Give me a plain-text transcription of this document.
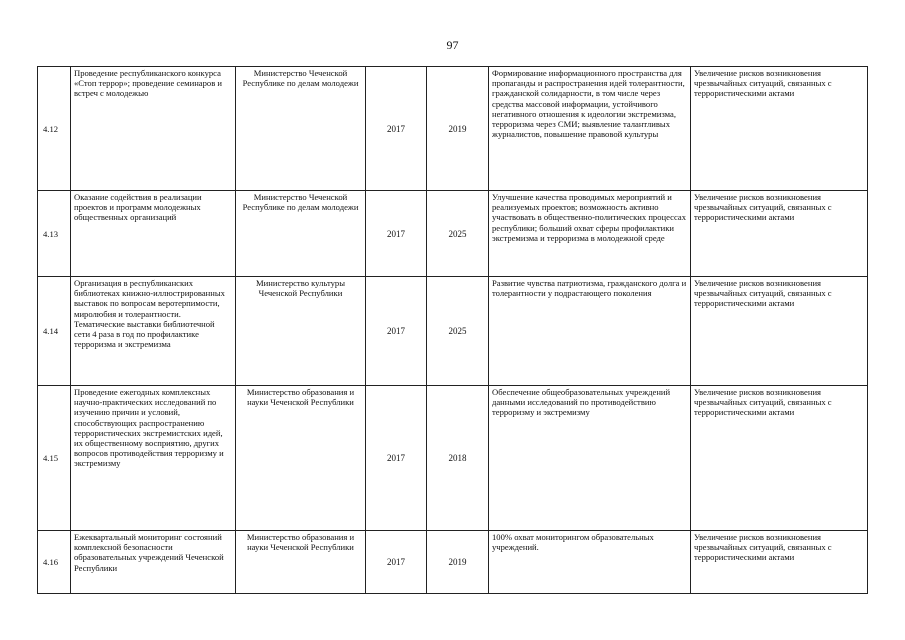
97
4.12	Проведение республиканского конкурса «Стоп террор»; проведение семинаров и встреч с молодежью	Министерство Чеченской Республике по делам молодежи	2017	2019	Формирование информационного пространства для пропаганды и распространения идей толерантности, гражданской солидарности, в том числе через средства массовой информации, устойчивого негативного отношения к идеологии экстремизма, терроризма через СМИ; выявление талантливых журналистов, повышение правовой культуры	Увеличение рисков возникновения чрезвычайных ситуаций, связанных с террористическими актами
4.13	Оказание содействия в реализации проектов и программ молодежных общественных организаций	Министерство Чеченской Республике по делам молодежи	2017	2025	Улучшение качества проводимых мероприятий и реализуемых проектов; возможность активно участвовать в общественно-политических процессах республики; больший охват сферы профилактики экстремизма и терроризма в молодежной среде	Увеличение рисков возникновения чрезвычайных ситуаций, связанных с террористическими актами
4.14	Организация в республиканских библиотеках книжно-иллюстрированных выставок по вопросам веротерпимости, миролюбия и толерантности. Тематические выставки библиотечной сети 4 раза в год по профилактике терроризма и экстремизма	Министерство культуры Чеченской Республики	2017	2025	Развитие чувства патриотизма, гражданского долга и толерантности у подрастающего поколения	Увеличение рисков возникновения чрезвычайных ситуаций, связанных с террористическими актами
4.15	Проведение ежегодных комплексных научно-практических исследований по изучению причин и условий, способствующих распространению террористических экстремистских идей, их общественному восприятию, других вопросов противодействия терроризму и экстремизму	Министерство образования и науки Чеченской Республики	2017	2018	Обеспечение общеобразовательных учреждений данными исследований по противодействию терроризму и экстремизму	Увеличение рисков возникновения чрезвычайных ситуаций, связанных с террористическими актами
4.16	Ежеквартальный мониторинг состояний комплексной безопасности образовательных учреждений Чеченской Республики	Министерство образования и науки Чеченской Республики	2017	2019	100% охват мониторингом образовательных учреждений.	Увеличение рисков возникновения чрезвычайных ситуаций, связанных с террористическими актами
